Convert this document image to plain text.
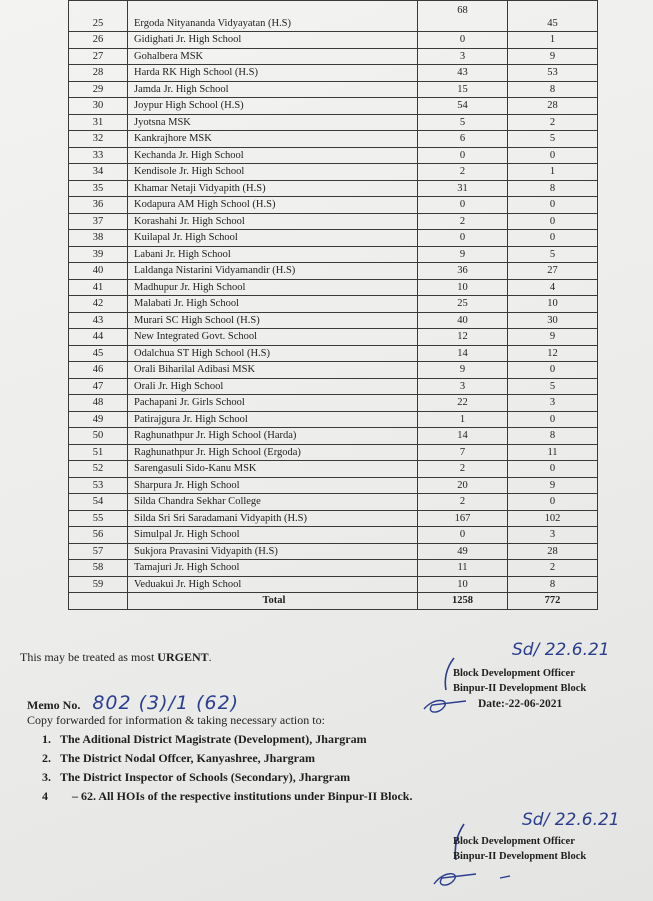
25	Ergoda Nityananda Vidyayatan (H.S)	68	45
26	Gidighati Jr. High School	0	1
27	Gohalbera MSK	3	9
28	Harda RK High School (H.S)	43	53
29	Jamda Jr. High School	15	8
30	Joypur High School (H.S)	54	28
31	Jyotsna MSK	5	2
32	Kankrajhore MSK	6	5
33	Kechanda Jr. High School	0	0
34	Kendisole Jr. High School	2	1
35	Khamar Netaji Vidyapith (H.S)	31	8
36	Kodapura AM High School (H.S)	0	0
37	Korashahi Jr. High School	2	0
38	Kuilapal Jr. High School	0	0
39	Labani Jr. High School	9	5
40	Laldanga Nistarini Vidyamandir (H.S)	36	27
41	Madhupur Jr. High School	10	4
42	Malabati Jr. High School	25	10
43	Murari SC High School (H.S)	40	30
44	New Integrated Govt. School	12	9
45	Odalchua ST High School (H.S)	14	12
46	Orali Biharilal Adibasi MSK	9	0
47	Orali Jr. High School	3	5
48	Pachapani Jr. Girls School	22	3
49	Patirajgura Jr. High School	1	0
50	Raghunathpur Jr. High School (Harda)	14	8
51	Raghunathpur Jr. High School (Ergoda)	7	11
52	Sarengasuli Sido-Kanu MSK	2	0
53	Sharpura Jr. High School	20	9
54	Silda Chandra Sekhar College	2	0
55	Silda Sri Sri Saradamani Vidyapith (H.S)	167	102
56	Simulpal Jr. High School	0	3
57	Sukjora Pravasini Vidyapith (H.S)	49	28
58	Tamajuri Jr. High School	11	2
59	Veduakui Jr. High School	10	8
	Total	1258	772
This may be treated as most URGENT.	Sd/ 22.6.21
Block Development Officer
Binpur-II Development Block
Date:-22-06-2021
Memo No. 802 (3)/1 (62)
Copy forwarded for information & taking necessary action to:
1. The Aditional District Magistrate (Development), Jhargram
2. The District Nodal Offcer, Kanyashree, Jhargram
3. The District Inspector of Schools (Secondary), Jhargram
4	– 62. All HOIs of the respective institutions under Binpur-II Block.
Sd/ 22.6.21
Block Development Officer
Binpur-II Development Block
